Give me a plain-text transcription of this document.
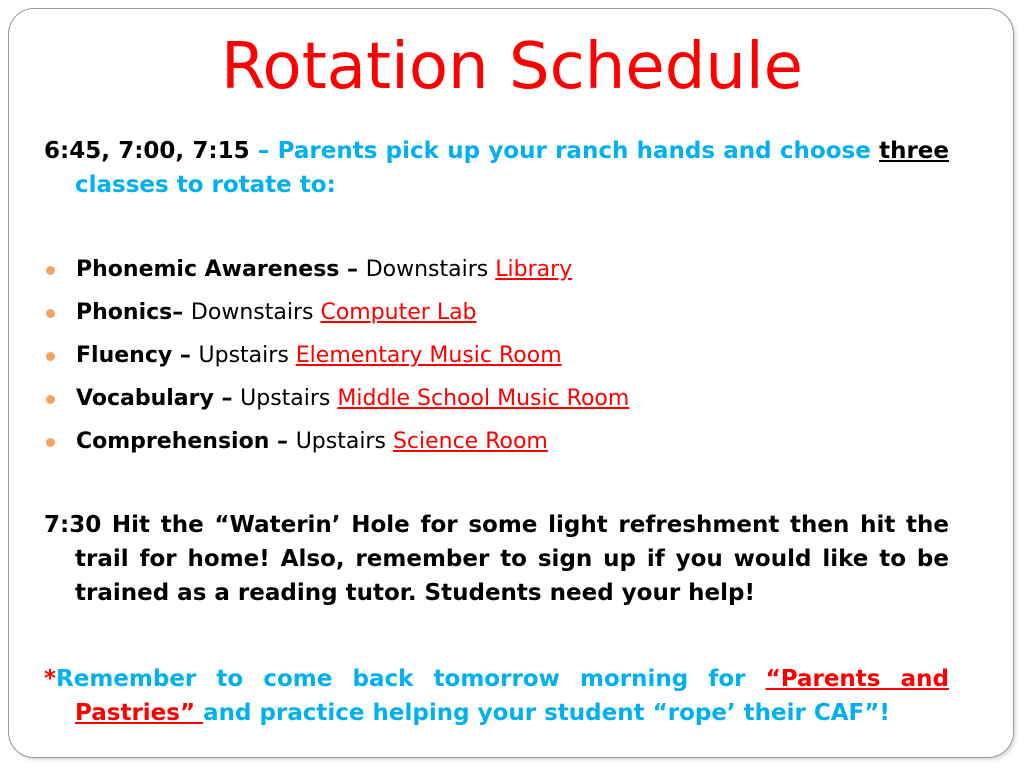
Rotation Schedule

6:45, 7:00, 7:15 – Parents pick up your ranch hands and choose three classes to rotate to:

Phonemic Awareness – Downstairs Library
Phonics– Downstairs Computer Lab
Fluency – Upstairs Elementary Music Room
Vocabulary – Upstairs Middle School Music Room
Comprehension – Upstairs Science Room

7:30 Hit the “Waterin’ Hole for some light refreshment then hit the trail for home! Also, remember to sign up if you would like to be trained as a reading tutor. Students need your help!

*Remember to come back tomorrow morning for “Parents and Pastries” and practice helping your student “rope’ their CAF”!
